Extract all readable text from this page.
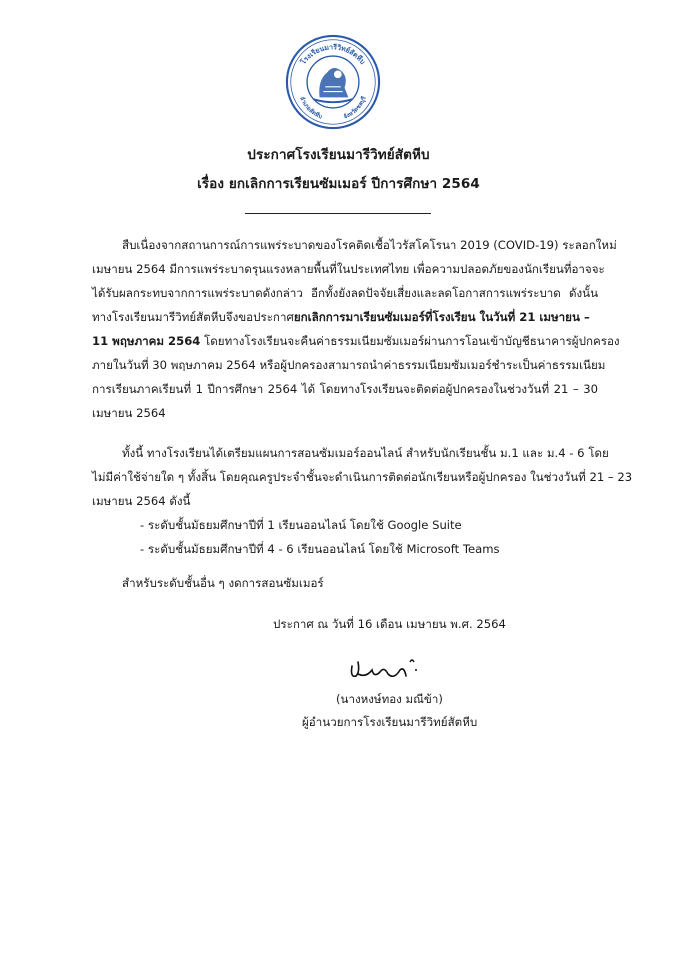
โรงเรียนมารีวิทย์สัตหีบ
อำเภอสัตหีบ	จังหวัดชลบุรี
ประกาศโรงเรียนมารีวิทย์สัตหีบ
เรื่อง ยกเลิกการเรียนซัมเมอร์ ปีการศึกษา 2564
สืบเนื่องจากสถานการณ์การแพร่ระบาดของโรคติดเชื้อไวรัสโคโรนา 2019 (COVID-19) ระลอกใหม่
เมษายน 2564 มีการแพร่ระบาดรุนแรงหลายพื้นที่ในประเทศไทย เพื่อความปลอดภัยของนักเรียนที่อาจจะ
ได้รับผลกระทบจากการแพร่ระบาดดังกล่าว อีกทั้งยังลดปัจจัยเสี่ยงและลดโอกาสการแพร่ระบาด ดังนั้น
ทางโรงเรียนมารีวิทย์สัตหีบจึงขอประกาศยกเลิกการมาเรียนซัมเมอร์ที่โรงเรียน ในวันที่ 21 เมษายน –
11 พฤษภาคม 2564 โดยทางโรงเรียนจะคืนค่าธรรมเนียมซัมเมอร์ผ่านการโอนเข้าบัญชีธนาคารผู้ปกครอง
ภายในวันที่ 30 พฤษภาคม 2564 หรือผู้ปกครองสามารถนำค่าธรรมเนียมซัมเมอร์ชำระเป็นค่าธรรมเนียม
การเรียนภาคเรียนที่ 1 ปีการศึกษา 2564 ได้ โดยทางโรงเรียนจะติดต่อผู้ปกครองในช่วงวันที่ 21 – 30
เมษายน 2564
ทั้งนี้ ทางโรงเรียนได้เตรียมแผนการสอนซัมเมอร์ออนไลน์ สำหรับนักเรียนชั้น ม.1 และ ม.4 - 6 โดย
ไม่มีค่าใช้จ่ายใด ๆ ทั้งสิ้น โดยคุณครูประจำชั้นจะดำเนินการติดต่อนักเรียนหรือผู้ปกครอง ในช่วงวันที่ 21 – 23
เมษายน 2564 ดังนี้
- ระดับชั้นมัธยมศึกษาปีที่ 1 เรียนออนไลน์ โดยใช้ Google Suite
- ระดับชั้นมัธยมศึกษาปีที่ 4 - 6 เรียนออนไลน์ โดยใช้ Microsoft Teams
สำหรับระดับชั้นอื่น ๆ งดการสอนซัมเมอร์
ประกาศ ณ วันที่ 16 เดือน เมษายน พ.ศ. 2564
(นางหงษ์ทอง มณีข้า)
ผู้อำนวยการโรงเรียนมารีวิทย์สัตหีบ
